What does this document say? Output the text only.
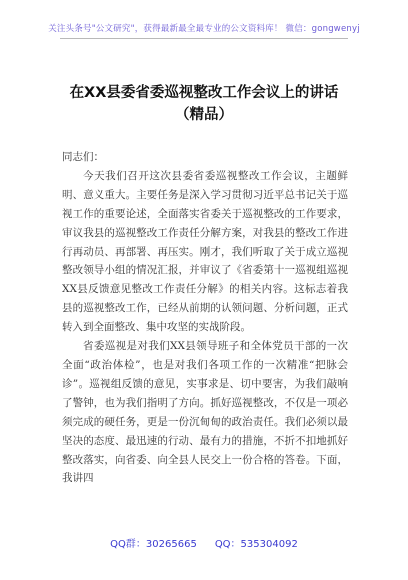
关注头条号"公文研究"，获得最新最全最专业的公文资料库！ 微信：gongwenyj
在XX县委省委巡视整改工作会议上的讲话（精品）

同志们：

今天我们召开这次县委省委巡视整改工作会议，主题鲜明、意义重大。主要任务是深入学习贯彻习近平总书记关于巡视工作的重要论述，全面落实省委关于巡视整改的工作要求，审议我县的巡视整改工作责任分解方案，对我县的整改工作进行再动员、再部署、再压实。刚才，我们听取了关于成立巡视整改领导小组的情况汇报，并审议了《省委第十一巡视组巡视XX县反馈意见整改工作责任分解》的相关内容。这标志着我县的巡视整改工作，已经从前期的认领问题、分析问题，正式转入到全面整改、集中攻坚的实战阶段。

省委巡视是对我们XX县领导班子和全体党员干部的一次全面“政治体检”，也是对我们各项工作的一次精准“把脉会诊”。巡视组反馈的意见，实事求是、切中要害，为我们敲响了警钟，也为我们指明了方向。抓好巡视整改，不仅是一项必须完成的硬任务，更是一份沉甸甸的政治责任。我们必须以最坚决的态度、最迅速的行动、最有力的措施，不折不扣地抓好整改落实，向省委、向全县人民交上一份合格的答卷。下面，我讲四

QQ群：30265665 QQ：535304092
